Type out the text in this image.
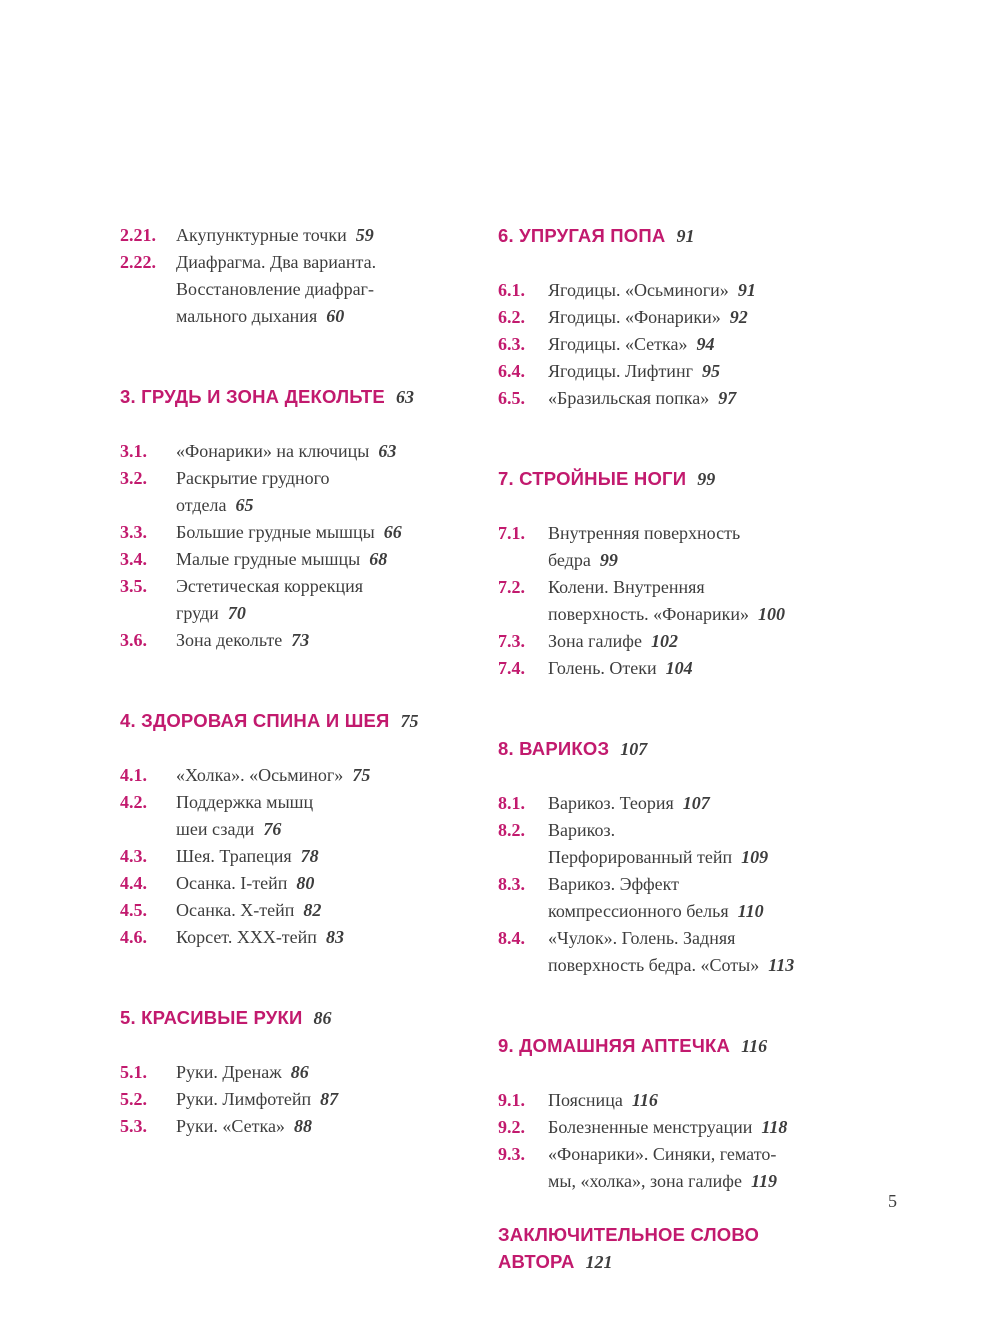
2.21.	Акупунктурные точки 59
2.22.	Диафрагма. Два варианта.
Восстановление диафраг-
мального дыхания 60
3. ГРУДЬ И ЗОНА ДЕКОЛЬТЕ 63
3.1.	«Фонарики» на ключицы 63
3.2.	Раскрытие грудного
отдела 65
3.3.	Большие грудные мышцы 66
3.4.	Малые грудные мышцы 68
3.5.	Эстетическая коррекция
груди 70
3.6.	Зона декольте 73
4. ЗДОРОВАЯ СПИНА И ШЕЯ 75
4.1.	«Холка». «Осьминог» 75
4.2.	Поддержка мышц
шеи сзади 76
4.3.	Шея. Трапеция 78
4.4.	Осанка. I-тейп 80
4.5.	Осанка. X-тейп 82
4.6.	Корсет. XXX-тейп 83
5. КРАСИВЫЕ РУКИ 86
5.1.	Руки. Дренаж 86
5.2.	Руки. Лимфотейп 87
5.3.	Руки. «Сетка» 88
6. УПРУГАЯ ПОПА 91
6.1.	Ягодицы. «Осьминоги» 91
6.2.	Ягодицы. «Фонарики» 92
6.3.	Ягодицы. «Сетка» 94
6.4.	Ягодицы. Лифтинг 95
6.5.	«Бразильская попка» 97
7. СТРОЙНЫЕ НОГИ 99
7.1.	Внутренняя поверхность
бедра 99
7.2.	Колени. Внутренняя
поверхность. «Фонарики» 100
7.3.	Зона галифе 102
7.4.	Голень. Отеки 104
8. ВАРИКОЗ 107
8.1.	Варикоз. Теория 107
8.2.	Варикоз.
Перфорированный тейп 109
8.3.	Варикоз. Эффект
компрессионного белья 110
8.4.	«Чулок». Голень. Задняя
поверхность бедра. «Соты» 113
9. ДОМАШНЯЯ АПТЕЧКА 116
9.1.	Поясница 116
9.2.	Болезненные менструации 118
9.3.	«Фонарики». Синяки, гемато-
мы, «холка», зона галифе 119
ЗАКЛЮЧИТЕЛЬНОЕ СЛОВО
АВТОРА 121
5
